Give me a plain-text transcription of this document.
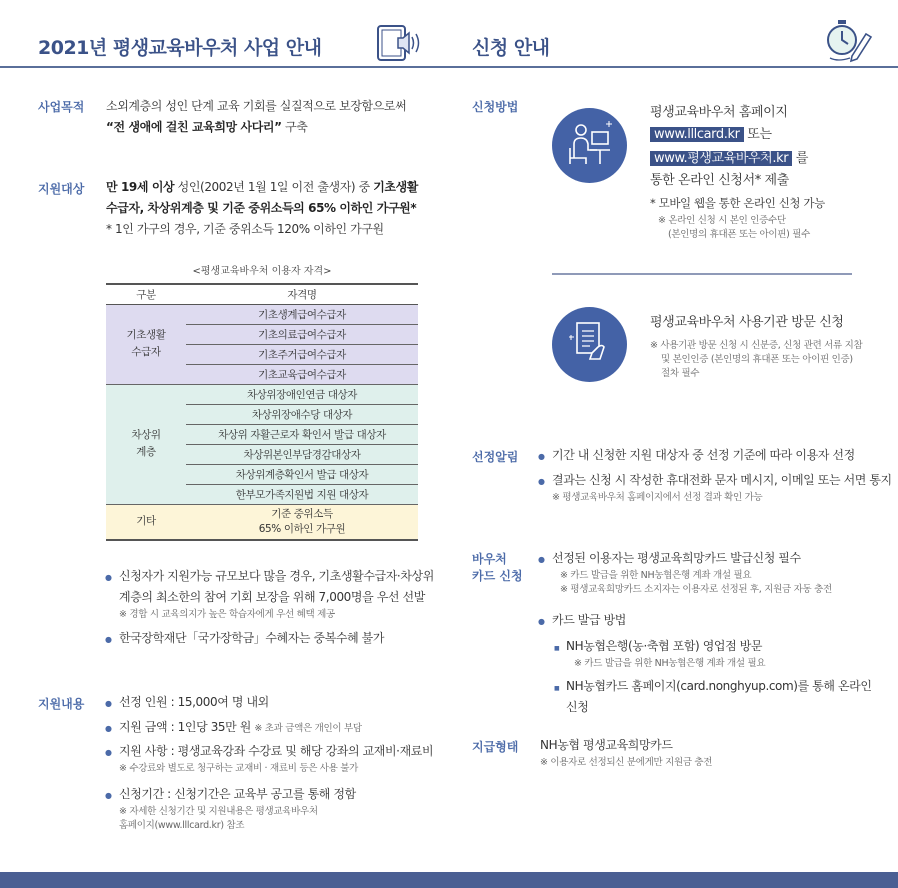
2021년 평생교육바우처 사업 안내	신청 안내
사업목적 소외계층의 성인 단계 교육 기회를 실질적으로 보장함으로써
“전 생애에 걸친 교육희망 사다리” 구축
지원대상 만 19세 이상 성인(2002년 1월 1일 이전 출생자) 중 기초생활
수급자, 차상위계층 및 기준 중위소득의 65% 이하인 가구원*
* 1인 가구의 경우, 기준 중위소득 120% 이하인 가구원
<평생교육바우처 이용자 자격>
구분	자격명
기초생활
수급자	기초생계급여수급자
	기초의료급여수급자
	기초주거급여수급자
	기초교육급여수급자
차상위
계층	차상위장애인연금 대상자
	차상위장애수당 대상자
	차상위 자활근로자 확인서 발급 대상자
	차상위본인부담경감대상자
	차상위계층확인서 발급 대상자
	한부모가족지원법 지원 대상자
기타	기준 중위소득
65% 이하인 가구원
● 신청자가 지원가능 규모보다 많을 경우, 기초생활수급자·차상위
계층의 최소한의 참여 기회 보장을 위해 7,000명을 우선 선발
※ 경합 시 교육의지가 높은 학습자에게 우선 혜택 제공
● 한국장학재단「국가장학금」수혜자는 중복수혜 불가
지원내용	● 선정 인원 : 15,000여 명 내외
● 지원 금액 : 1인당 35만 원 ※ 초과 금액은 개인이 부담
● 지원 사항 : 평생교육강좌 수강료 및 해당 강좌의 교재비·재료비
※ 수강료와 별도로 청구하는 교재비 · 재료비 등은 사용 불가
● 신청기간 : 신청기간은 교육부 공고를 통해 정함
※ 자세한 신청기간 및 지원내용은 평생교육바우처
홈페이지(www.lllcard.kr) 참조
신청방법	평생교육바우처 홈페이지
www.lllcard.kr 또는
www.평생교육바우처.kr 를
통한 온라인 신청서* 제출
* 모바일 웹을 통한 온라인 신청 가능
※ 온라인 신청 시 본인 인증수단
(본인명의 휴대폰 또는 아이핀) 필수
평생교육바우처 사용기관 방문 신청
※ 사용기관 방문 신청 시 신분증, 신청 관련 서류 지참
및 본인인증 (본인명의 휴대폰 또는 아이핀 인증)
절차 필수
선정알림	● 기간 내 신청한 지원 대상자 중 선정 기준에 따라 이용자 선정
● 결과는 신청 시 작성한 휴대전화 문자 메시지, 이메일 또는 서면 통지
※ 평생교육바우처 홈페이지에서 선정 결과 확인 가능
바우처
카드 신청
● 선정된 이용자는 평생교육희망카드 발급신청 필수
※ 카드 발급을 위한 NH농협은행 계좌 개설 필요
※ 평생교육희망카드 소지자는 이용자로 선정된 후, 지원금 자동 충전
● 카드 발급 방법
■ NH농협은행(농·축협 포함) 영업점 방문
※ 카드 발급을 위한 NH농협은행 계좌 개설 필요
■ NH농협카드 홈페이지(card.nonghyup.com)를 통해 온라인 신청
지급형태 NH농협 평생교육희망카드
※ 이용자로 선정되신 분에게만 지원금 충전
